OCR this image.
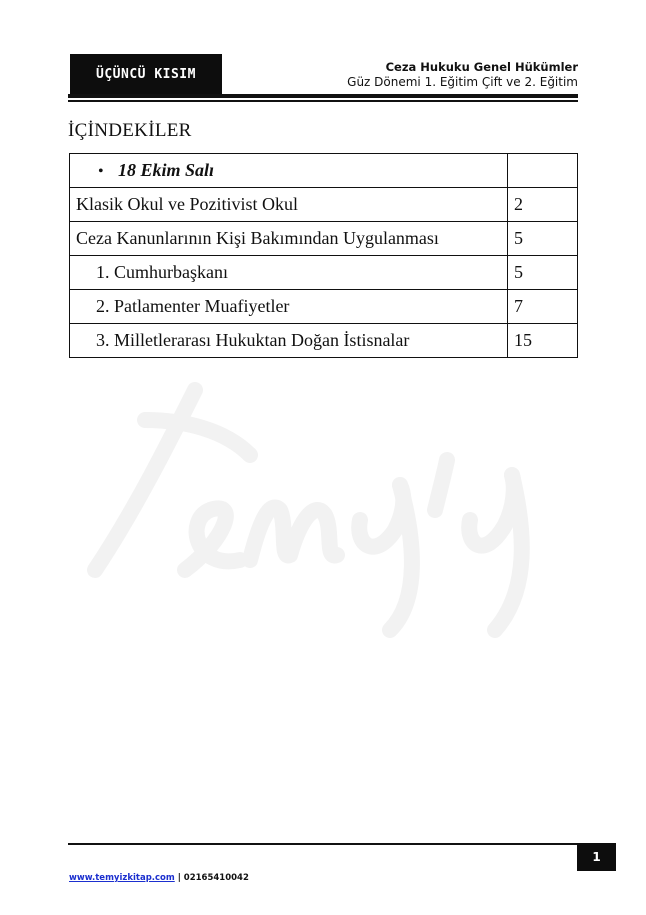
ÜÇÜNCÜ KISIM	Ceza Hukuku Genel Hükümler
Güz Dönemi 1. Eğitim Çift ve 2. Eğitim
İÇİNDEKİLER
• 18 Ekim Salı	
Klasik Okul ve Pozitivist Okul	2
Ceza Kanunlarının Kişi Bakımından Uygulanması	5
1. Cumhurbaşkanı	5
2. Patlamenter Muafiyetler	7
3. Milletlerarası Hukuktan Doğan İstisnalar	15
1
www.temyizkitap.com | 02165410042
